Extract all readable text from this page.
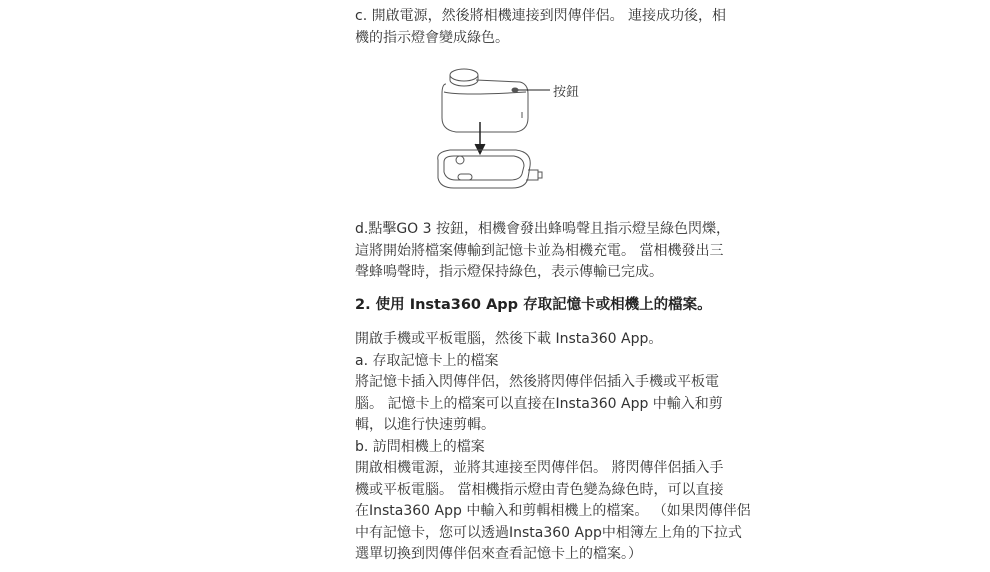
c. 開啟電源，然後將相機連接到閃傳伴侶。 連接成功後，相

機的指示燈會變成綠色。

按鈕

d.點擊GO 3 按鈕，相機會發出蜂鳴聲且指示燈呈綠色閃爍，

這將開始將檔案傳輸到記憶卡並為相機充電。 當相機發出三

聲蜂鳴聲時，指示燈保持綠色，表示傳輸已完成。

2. 使用 Insta360 App 存取記憶卡或相機上的檔案。

開啟手機或平板電腦，然後下載 Insta360 App。

a. 存取記憶卡上的檔案

將記憶卡插入閃傳伴侶，然後將閃傳伴侶插入手機或平板電

腦。 記憶卡上的檔案可以直接在Insta360 App 中輸入和剪

輯，以進行快速剪輯。

b. 訪問相機上的檔案

開啟相機電源，並將其連接至閃傳伴侶。 將閃傳伴侶插入手

機或平板電腦。 當相機指示燈由青色變為綠色時，可以直接

在Insta360 App 中輸入和剪輯相機上的檔案。 （如果閃傳伴侶

中有記憶卡，您可以透過Insta360 App中相簿左上角的下拉式

選單切換到閃傳伴侶來查看記憶卡上的檔案。）
